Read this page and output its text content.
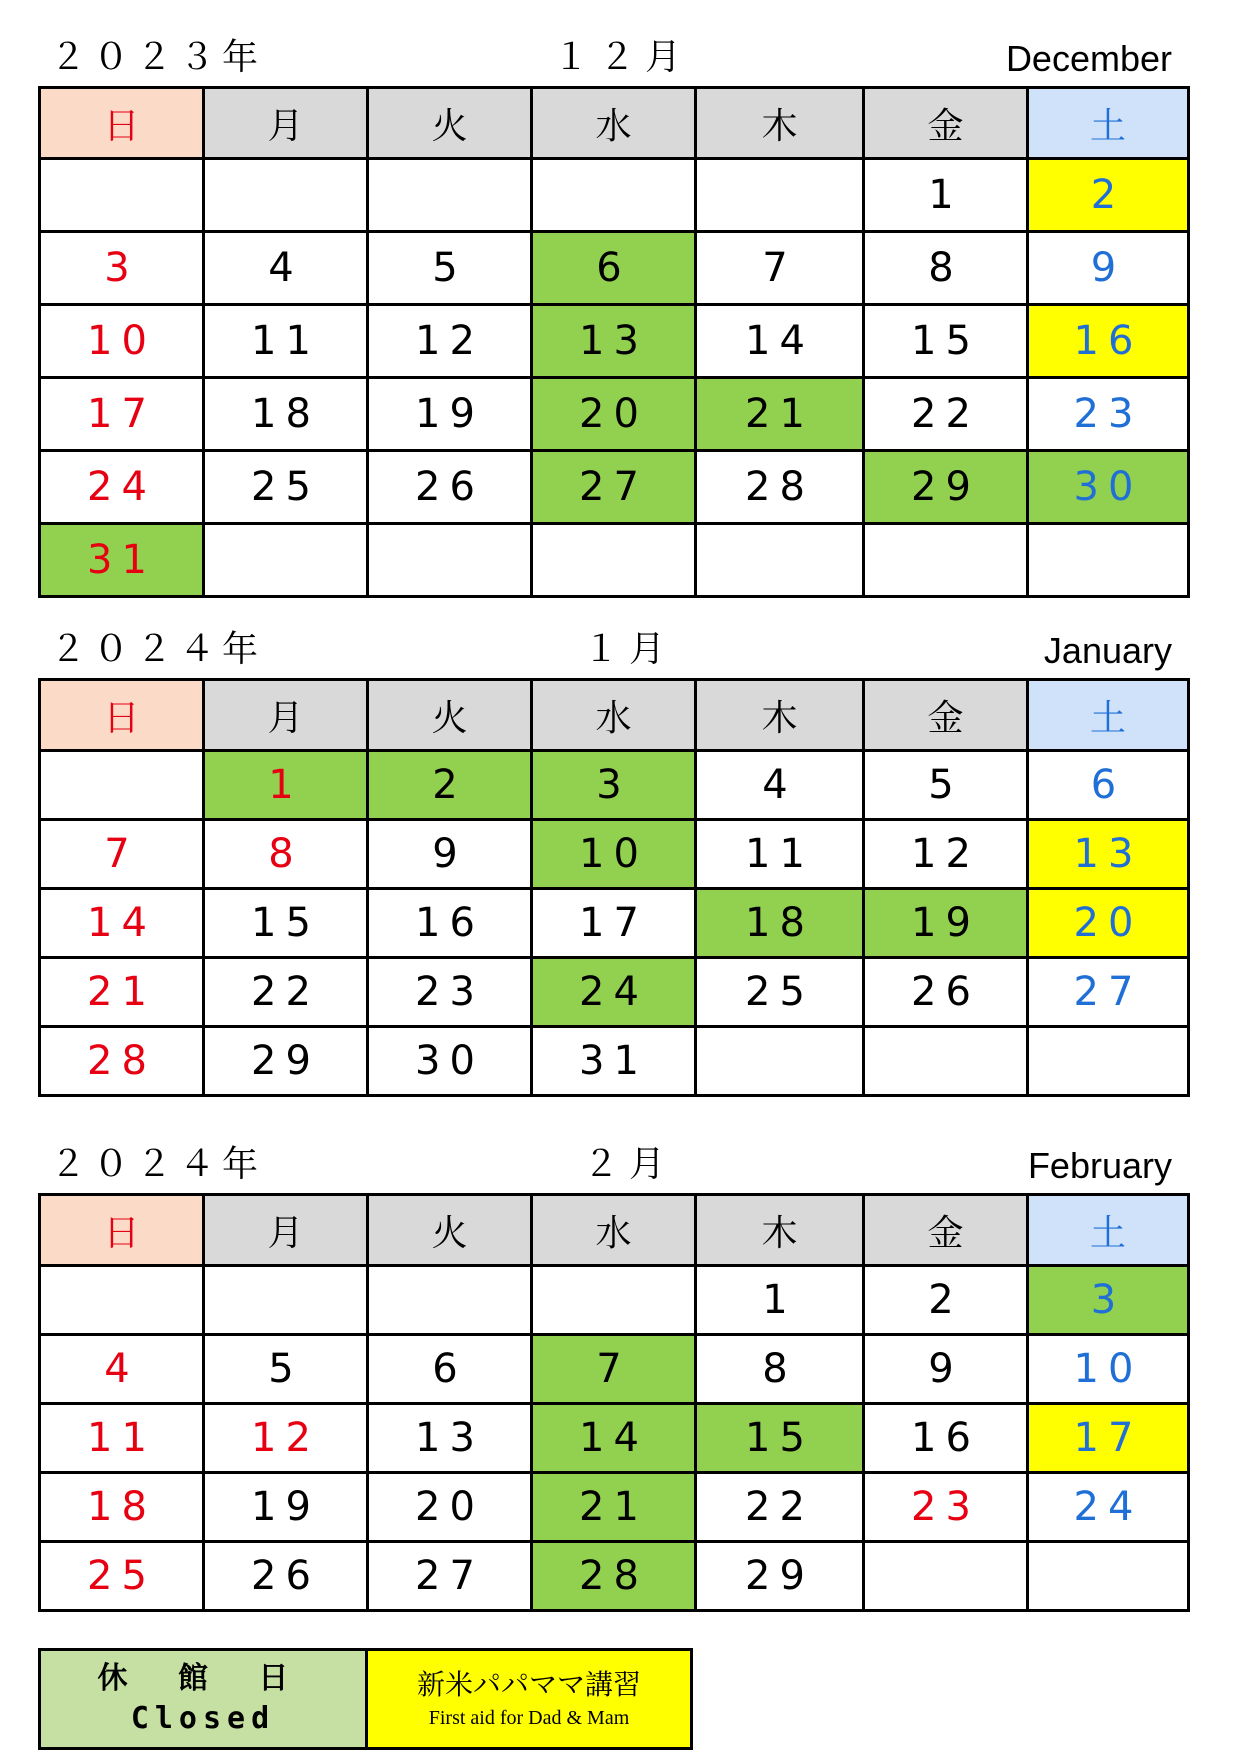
２０２３年	１２月	December
日	月	火	水	木	金	土
					1	2
3	4	5	6	7	8	9
10	11	12	13	14	15	16
17	18	19	20	21	22	23
24	25	26	27	28	29	30
31						
２０２４年	１月	January
日	月	火	水	木	金	土
	1	2	3	4	5	6
7	8	9	10	11	12	13
14	15	16	17	18	19	20
21	22	23	24	25	26	27
28	29	30	31			
２０２４年	２月	February
日	月	火	水	木	金	土
				1	2	3
4	5	6	7	8	9	10
11	12	13	14	15	16	17
18	19	20	21	22	23	24
25	26	27	28	29		
休 館 日
Closed

新米パパママ講習
First aid for Dad & Mam
